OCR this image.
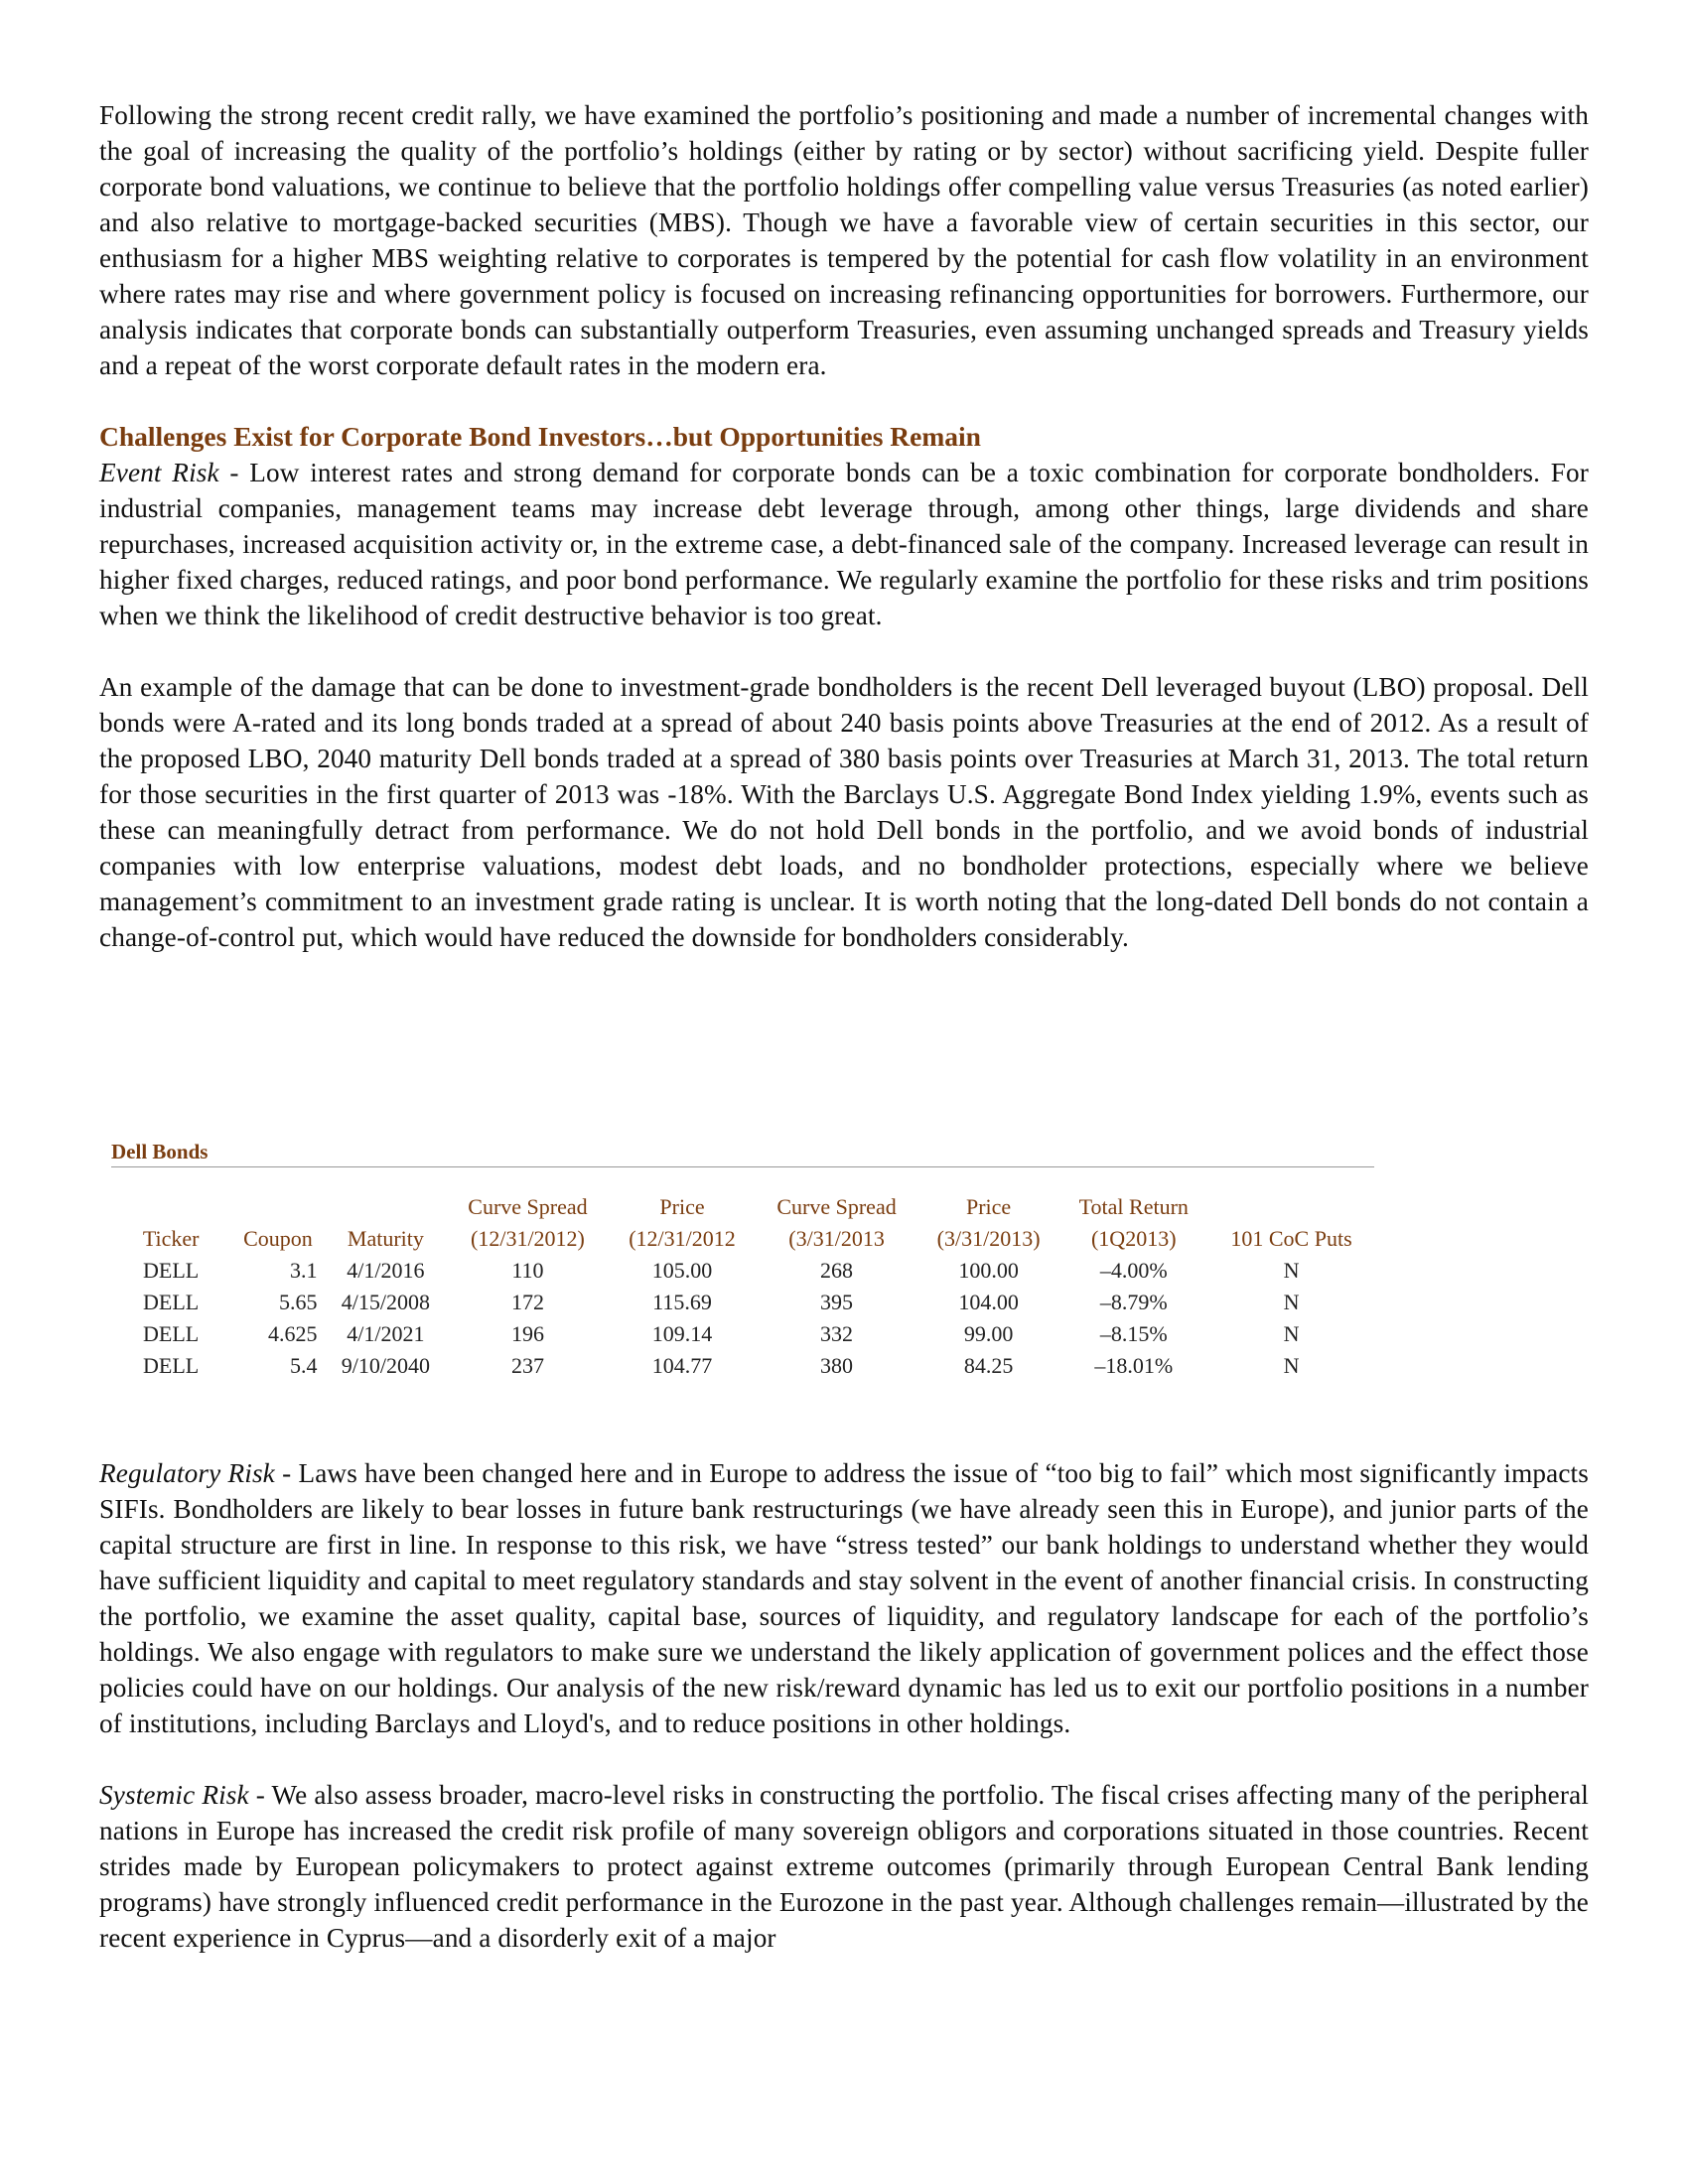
Following the strong recent credit rally, we have examined the portfolio’s positioning and made a number of incremental changes with the goal of increasing the quality of the portfolio’s holdings (either by rating or by sector) without sacrificing yield. Despite fuller corporate bond valuations, we continue to believe that the portfolio holdings offer compelling value versus Treasuries (as noted earlier) and also relative to mortgage-backed securities (MBS). Though we have a favorable view of certain securities in this sector, our enthusiasm for a higher MBS weighting relative to corporates is tempered by the potential for cash flow volatility in an environment where rates may rise and where government policy is focused on increasing refinancing opportunities for borrowers. Furthermore, our analysis indicates that corporate bonds can substantially outperform Treasuries, even assuming unchanged spreads and Treasury yields and a repeat of the worst corporate default rates in the modern era.

Challenges Exist for Corporate Bond Investors…but Opportunities Remain

Event Risk - Low interest rates and strong demand for corporate bonds can be a toxic combination for corporate bondholders. For industrial companies, management teams may increase debt leverage through, among other things, large dividends and share repurchases, increased acquisition activity or, in the extreme case, a debt-financed sale of the company. Increased leverage can result in higher fixed charges, reduced ratings, and poor bond performance. We regularly examine the portfolio for these risks and trim positions when we think the likelihood of credit destructive behavior is too great.

An example of the damage that can be done to investment-grade bondholders is the recent Dell leveraged buyout (LBO) proposal. Dell bonds were A-rated and its long bonds traded at a spread of about 240 basis points above Treasuries at the end of 2012. As a result of the proposed LBO, 2040 maturity Dell bonds traded at a spread of 380 basis points over Treasuries at March 31, 2013. The total return for those securities in the first quarter of 2013 was -18%. With the Barclays U.S. Aggregate Bond Index yielding 1.9%, events such as these can meaningfully detract from performance. We do not hold Dell bonds in the portfolio, and we avoid bonds of industrial companies with low enterprise valuations, modest debt loads, and no bondholder protections, especially where we believe management’s commitment to an investment grade rating is unclear. It is worth noting that the long-dated Dell bonds do not contain a change-of-control put, which would have reduced the downside for bondholders considerably.

Dell Bonds
			Curve Spread	Price	Curve Spread	Price	Total Return	
Ticker	Coupon	Maturity	(12/31/2012)	(12/31/2012	(3/31/2013	(3/31/2013)	(1Q2013)	101 CoC Puts
DELL	3.1	4/1/2016	110	105.00	268	100.00	–4.00%	N
DELL	5.65	4/15/2008	172	115.69	395	104.00	–8.79%	N
DELL	4.625	4/1/2021	196	109.14	332	99.00	–8.15%	N
DELL	5.4	9/10/2040	237	104.77	380	84.25	–18.01%	N

Regulatory Risk - Laws have been changed here and in Europe to address the issue of “too big to fail” which most significantly impacts SIFIs. Bondholders are likely to bear losses in future bank restructurings (we have already seen this in Europe), and junior parts of the capital structure are first in line. In response to this risk, we have “stress tested” our bank holdings to understand whether they would have sufficient liquidity and capital to meet regulatory standards and stay solvent in the event of another financial crisis. In constructing the portfolio, we examine the asset quality, capital base, sources of liquidity, and regulatory landscape for each of the portfolio’s holdings. We also engage with regulators to make sure we understand the likely application of government polices and the effect those policies could have on our holdings. Our analysis of the new risk/reward dynamic has led us to exit our portfolio positions in a number of institutions, including Barclays and Lloyd's, and to reduce positions in other holdings.

Systemic Risk - We also assess broader, macro-level risks in constructing the portfolio. The fiscal crises affecting many of the peripheral nations in Europe has increased the credit risk profile of many sovereign obligors and corporations situated in those countries. Recent strides made by European policymakers to protect against extreme outcomes (primarily through European Central Bank lending programs) have strongly influenced credit performance in the Eurozone in the past year. Although challenges remain—illustrated by the recent experience in Cyprus—and a disorderly exit of a major
